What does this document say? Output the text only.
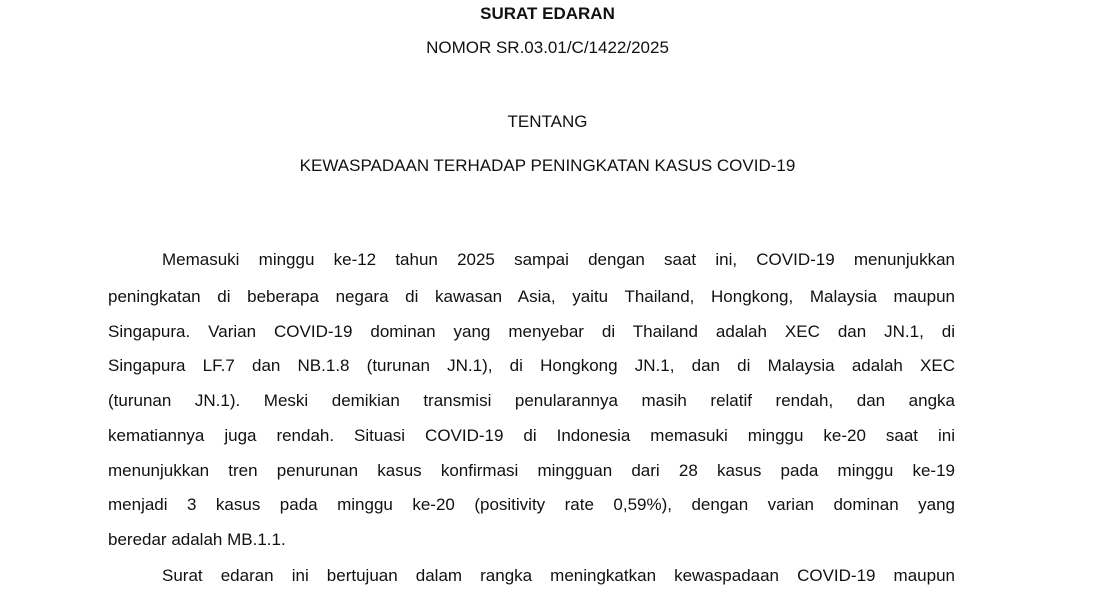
SURAT EDARAN
NOMOR SR.03.01/C/1422/2025
TENTANG
KEWASPADAAN TERHADAP PENINGKATAN KASUS COVID-19
Memasuki minggu ke-12 tahun 2025 sampai dengan saat ini, COVID-19 menunjukkan
peningkatan di beberapa negara di kawasan Asia, yaitu Thailand, Hongkong, Malaysia maupun
Singapura. Varian COVID-19 dominan yang menyebar di Thailand adalah XEC dan JN.1, di
Singapura LF.7 dan NB.1.8 (turunan JN.1), di Hongkong JN.1, dan di Malaysia adalah XEC
(turunan JN.1). Meski demikian transmisi penularannya masih relatif rendah, dan angka
kematiannya juga rendah. Situasi COVID-19 di Indonesia memasuki minggu ke-20 saat ini
menunjukkan tren penurunan kasus konfirmasi mingguan dari 28 kasus pada minggu ke-19
menjadi 3 kasus pada minggu ke-20 (positivity rate 0,59%), dengan varian dominan yang
beredar adalah MB.1.1.
Surat edaran ini bertujuan dalam rangka meningkatkan kewaspadaan COVID-19 maupun
